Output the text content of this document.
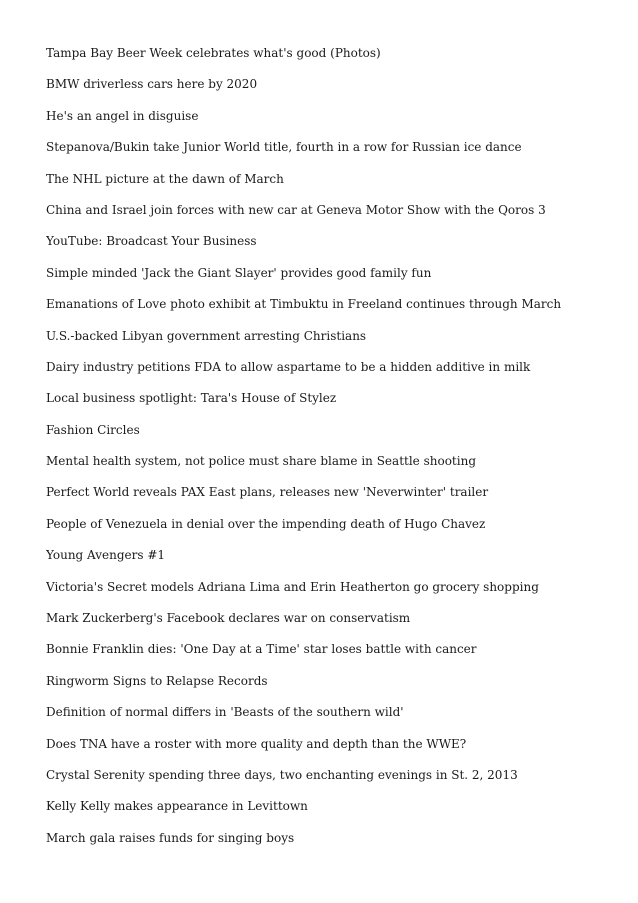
Tampa Bay Beer Week celebrates what's good (Photos)
BMW driverless cars here by 2020
He's an angel in disguise
Stepanova/Bukin take Junior World title, fourth in a row for Russian ice dance
The NHL picture at the dawn of March
China and Israel join forces with new car at Geneva Motor Show with the Qoros 3
YouTube: Broadcast Your Business
Simple minded 'Jack the Giant Slayer' provides good family fun
Emanations of Love photo exhibit at Timbuktu in Freeland continues through March
U.S.-backed Libyan government arresting Christians
Dairy industry petitions FDA to allow aspartame to be a hidden additive in milk
Local business spotlight: Tara's House of Stylez
Fashion Circles
Mental health system, not police must share blame in Seattle shooting
Perfect World reveals PAX East plans, releases new 'Neverwinter' trailer
People of Venezuela in denial over the impending death of Hugo Chavez
Young Avengers #1
Victoria's Secret models Adriana Lima and Erin Heatherton go grocery shopping
Mark Zuckerberg's Facebook declares war on conservatism
Bonnie Franklin dies: 'One Day at a Time' star loses battle with cancer
Ringworm Signs to Relapse Records
Definition of normal differs in 'Beasts of the southern wild'
Does TNA have a roster with more quality and depth than the WWE?
Crystal Serenity spending three days, two enchanting evenings in St. 2, 2013
Kelly Kelly makes appearance in Levittown
March gala raises funds for singing boys
